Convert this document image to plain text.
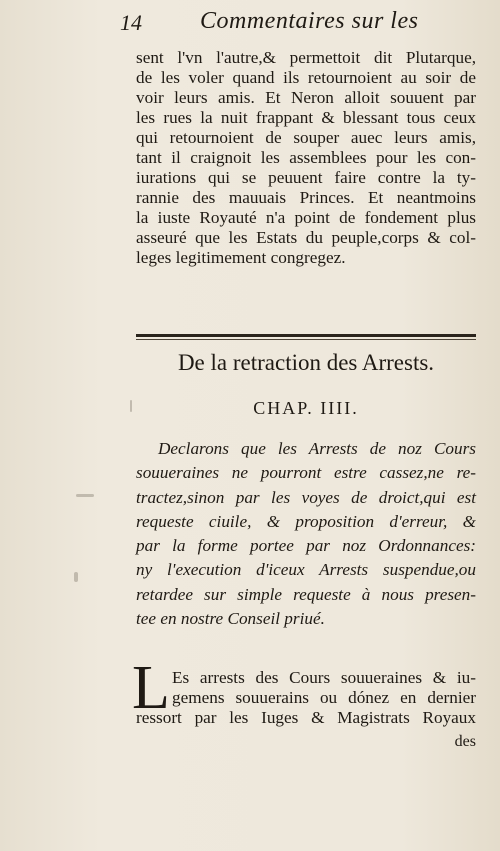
14 Commentaires sur les
sent l'vn l'autre,& permettoit dit Plutarque,
de les voler quand ils retournoient au soir de
voir leurs amis. Et Neron alloit souuent par
les rues la nuit frappant & blessant tous ceux
qui retournoient de souper auec leurs amis,
tant il craignoit les assemblees pour les con-
iurations qui se peuuent faire contre la ty-
rannie des mauuais Princes. Et neantmoins
la iuste Royauté n'a point de fondement plus
asseuré que les Estats du peuple,corps & col-
leges legitimement congregez.
De la retraction des Arrests.
CHAP. IIII.
Declarons que les Arrests de noz Cours
souueraines ne pourront estre cassez,ne re-
tractez,sinon par les voyes de droict,qui est
requeste ciuile, & proposition d'erreur, &
par la forme portee par noz Ordonnances:
ny l'execution d'iceux Arrests suspendue,ou
retardee sur simple requeste à nous presen-
tee en nostre Conseil priué.
L Es arrests des Cours souueraines & iu-
gemens souuerains ou dónez en dernier
ressort par les Iuges & Magistrats Royaux
des
